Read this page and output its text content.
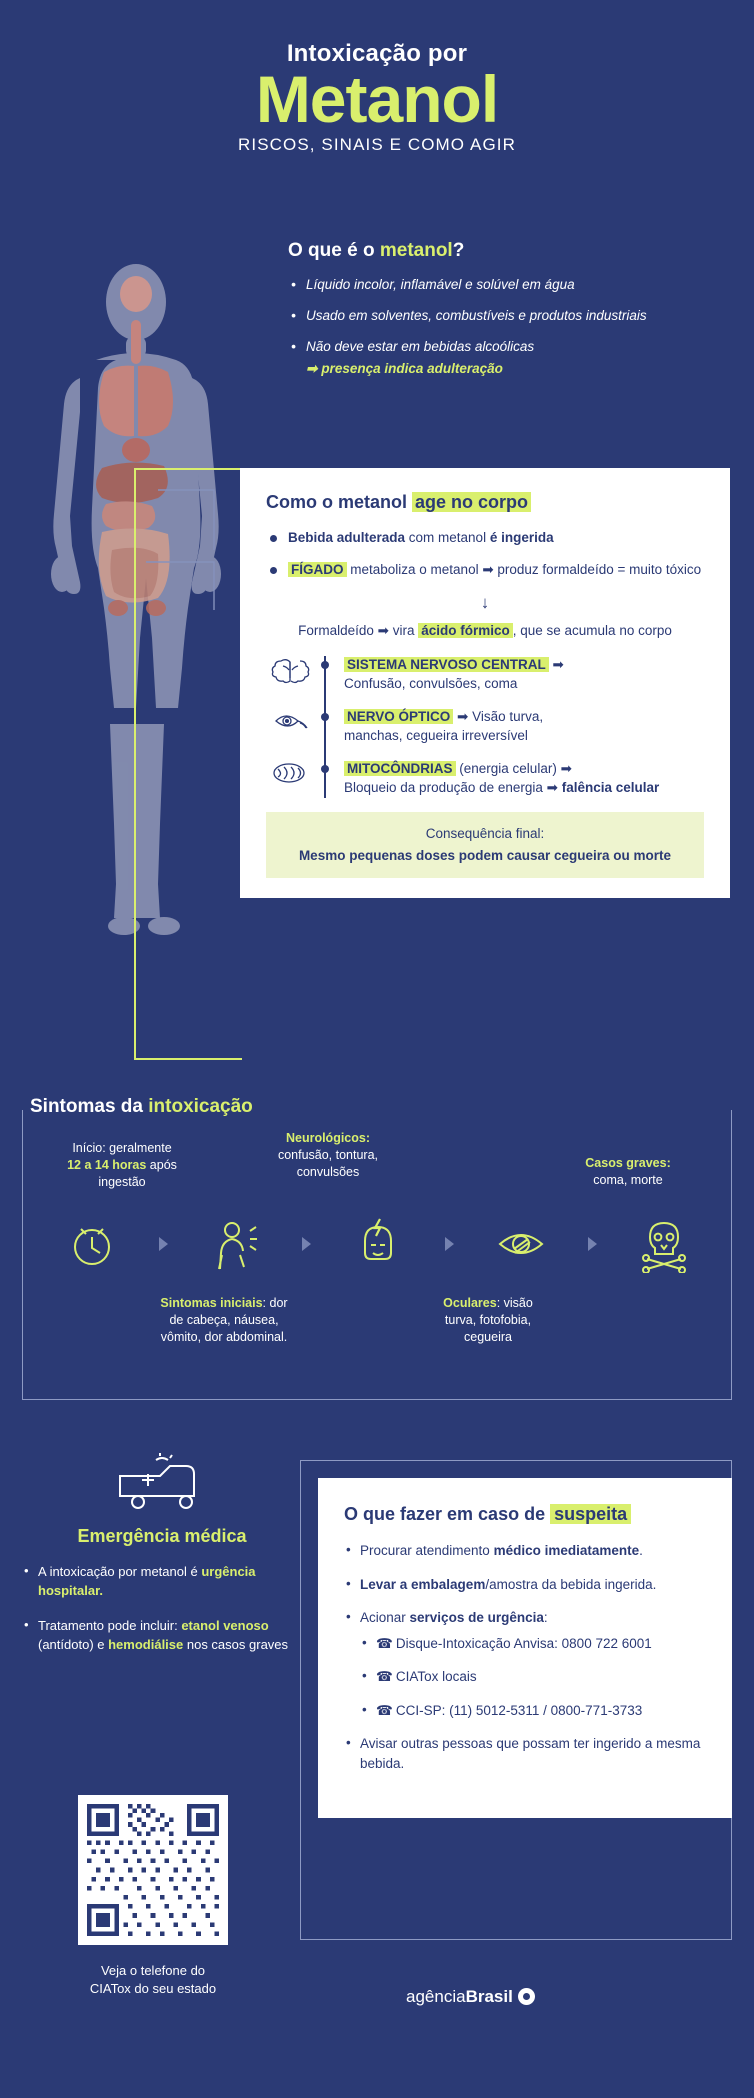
Intoxicação por
Metanol
RISCOS, SINAIS E COMO AGIR
O que é o metanol?
• Líquido incolor, inflamável e solúvel em água
• Usado em solventes, combustíveis e produtos industriais
• Não deve estar em bebidas alcoólicas
➡ presença indica adulteração
Como o metanol age no corpo
Bebida adulterada com metanol é ingerida
FÍGADO metaboliza o metanol ➡ produz formaldeído = muito tóxico
↓
Formaldeído ➡ vira ácido fórmico , que se acumula no corpo
SISTEMA NERVOSO CENTRAL ➡
Confusão, convulsões, coma
NERVO ÓPTICO ➡ Visão turva,
manchas, cegueira irreversível
MITOCÔNDRIAS (energia celular) ➡
Bloqueio da produção de energia ➡ falência celular
Consequência final:
Mesmo pequenas doses podem causar cegueira ou morte
Sintomas da intoxicação
Início: geralmente
12 a 14 horas após
ingestão
Neurológicos:
confusão, tontura,
convulsões
Casos graves:
coma, morte
Sintomas iniciais: dor
de cabeça, náusea,
vômito, dor abdominal.
Oculares: visão
turva, fotofobia,
cegueira
Emergência médica
• A intoxicação por metanol é urgência hospitalar.
• Tratamento pode incluir: etanol venoso (antídoto) e hemodiálise nos casos graves
Veja o telefone do
CIATox do seu estado
O que fazer em caso de suspeita
• Procurar atendimento médico imediatamente.
• Levar a embalagem/amostra da bebida ingerida.
• Acionar serviços de urgência:
• ☎ Disque-Intoxicação Anvisa: 0800 722 6001
• ☎ CIATox locais
• ☎ CCI-SP: (11) 5012-5311 / 0800-771-3733
• Avisar outras pessoas que possam ter ingerido a mesma bebida.
agênciaBrasil
